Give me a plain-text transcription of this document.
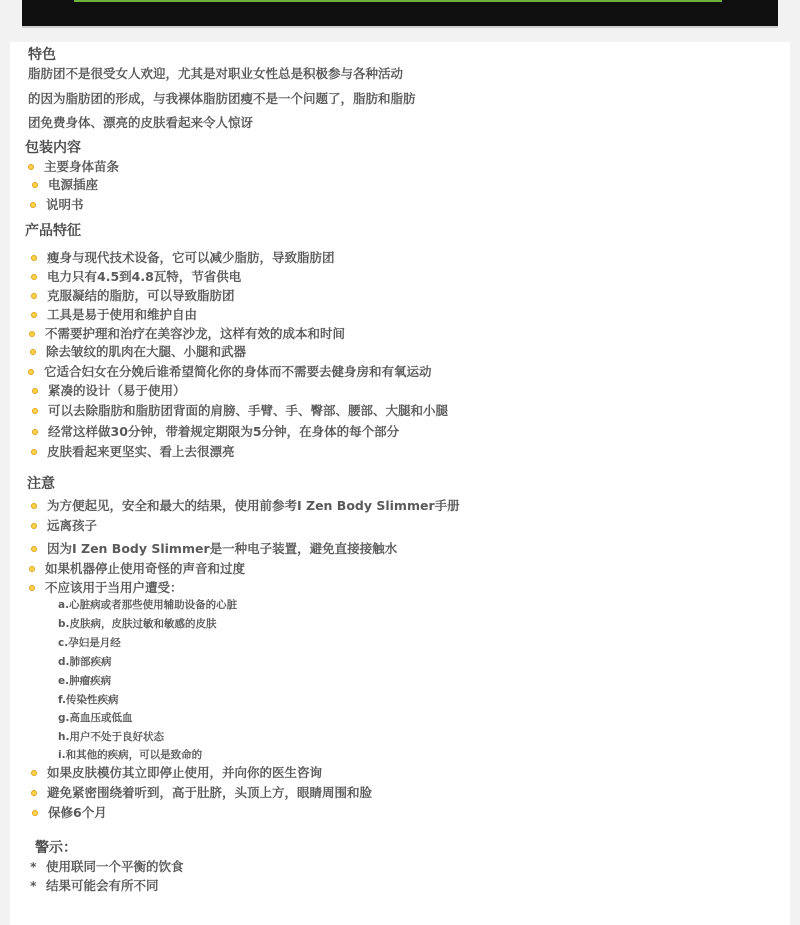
特色

脂肪团不是很受女人欢迎，尤其是对职业女性总是积极参与各种活动

的因为脂肪团的形成，与我裸体脂肪团瘦不是一个问题了，脂肪和脂肪

团免费身体、漂亮的皮肤看起来令人惊讶

包装内容
主要身体苗条
电源插座
说明书
产品特征
瘦身与现代技术设备，它可以减少脂肪，导致脂肪团
电力只有4.5到4.8瓦特，节省供电
克服凝结的脂肪，可以导致脂肪团
工具是易于使用和维护自由
不需要护理和治疗在美容沙龙，这样有效的成本和时间
除去皱纹的肌肉在大腿、小腿和武器
它适合妇女在分娩后谁希望简化你的身体而不需要去健身房和有氧运动
紧凑的设计（易于使用）
可以去除脂肪和脂肪团背面的肩膀、手臂、手、臀部、腰部、大腿和小腿
经常这样做30分钟，带着规定期限为5分钟，在身体的每个部分
皮肤看起来更坚实、看上去很漂亮
注意
为方便起见，安全和最大的结果，使用前参考I Zen Body Slimmer手册
远离孩子
因为I Zen Body Slimmer是一种电子装置，避免直接接触水
如果机器停止使用奇怪的声音和过度
不应该用于当用户遭受：
a.心脏病或者那些使用辅助设备的心脏
b.皮肤病，皮肤过敏和敏感的皮肤
c.孕妇是月经
d.肺部疾病
e.肿瘤疾病
f.传染性疾病
g.高血压或低血
h.用户不处于良好状态
i.和其他的疾病，可以是致命的
如果皮肤模仿其立即停止使用，并向你的医生咨询
避免紧密围绕着听到，高于肚脐，头顶上方，眼睛周围和脸
保修6个月
警示：
* 使用联同一个平衡的饮食
* 结果可能会有所不同
